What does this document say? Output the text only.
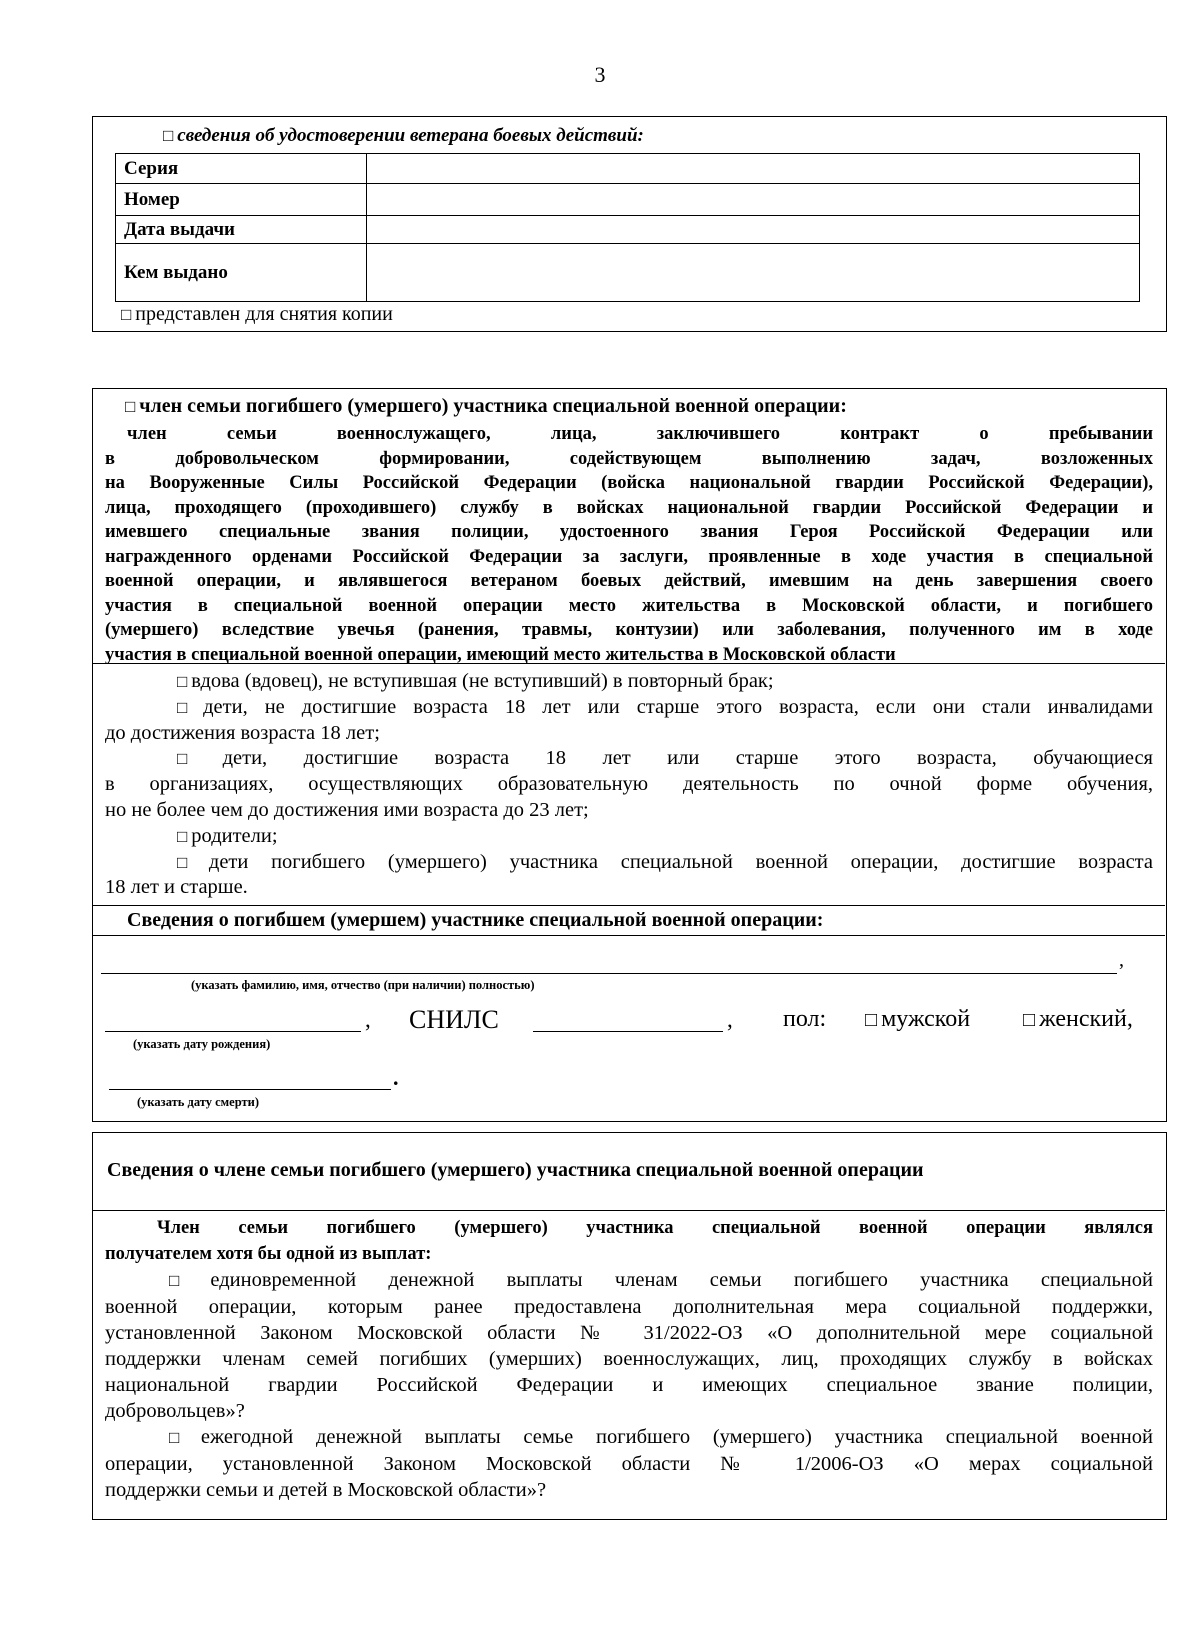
3
□ сведения об удостоверении ветерана боевых действий:
Серия	
Номер	
Дата выдачи	
Кем выдано	
□ представлен для снятия копии
□ член семьи погибшего (умершего) участника специальной военной операции:
член семьи военнослужащего, лица, заключившего контракт о пребывании
в добровольческом формировании, содействующем выполнению задач, возложенных
на Вооруженные Силы Российской Федерации (войска национальной гвардии Российской Федерации),
лица, проходящего (проходившего) службу в войсках национальной гвардии Российской Федерации и
имевшего специальные звания полиции, удостоенного звания Героя Российской Федерации или
награжденного орденами Российской Федерации за заслуги, проявленные в ходе участия в специальной
военной операции, и являвшегося ветераном боевых действий, имевшим на день завершения своего
участия в специальной военной операции место жительства в Московской области, и погибшего
(умершего) вследствие увечья (ранения, травмы, контузии) или заболевания, полученного им в ходе
участия в специальной военной операции, имеющий место жительства в Московской области
□ вдова (вдовец), не вступившая (не вступивший) в повторный брак;
□ дети, не достигшие возраста 18 лет или старше этого возраста, если они стали инвалидами
до достижения возраста 18 лет;
□ дети, достигшие возраста 18 лет или старше этого возраста, обучающиеся
в организациях, осуществляющих образовательную деятельность по очной форме обучения,
но не более чем до достижения ими возраста до 23 лет;
□ родители;
□ дети погибшего (умершего) участника специальной военной операции, достигшие возраста
18 лет и старше.
Сведения о погибшем (умершем) участнике специальной военной операции:
,
(указать фамилию, имя, отчество (при наличии) полностью)
, СНИЛС	, пол: □ мужской	□ женский,
(указать дату рождения)
.
(указать дату смерти)
Сведения о члене семьи погибшего (умершего) участника специальной военной операции
Член семьи погибшего (умершего) участника специальной военной операции являлся
получателем хотя бы одной из выплат:
□ единовременной денежной выплаты членам семьи погибшего участника специальной
военной операции, которым ранее предоставлена дополнительная мера социальной поддержки,
установленной Законом Московской области № 31/2022-ОЗ «О дополнительной мере социальной
поддержки членам семей погибших (умерших) военнослужащих, лиц, проходящих службу в войсках
национальной гвардии Российской Федерации и имеющих специальное звание полиции,
добровольцев»?
□ ежегодной денежной выплаты семье погибшего (умершего) участника специальной военной
операции, установленной Законом Московской области № 1/2006-ОЗ «О мерах социальной
поддержки семьи и детей в Московской области»?
